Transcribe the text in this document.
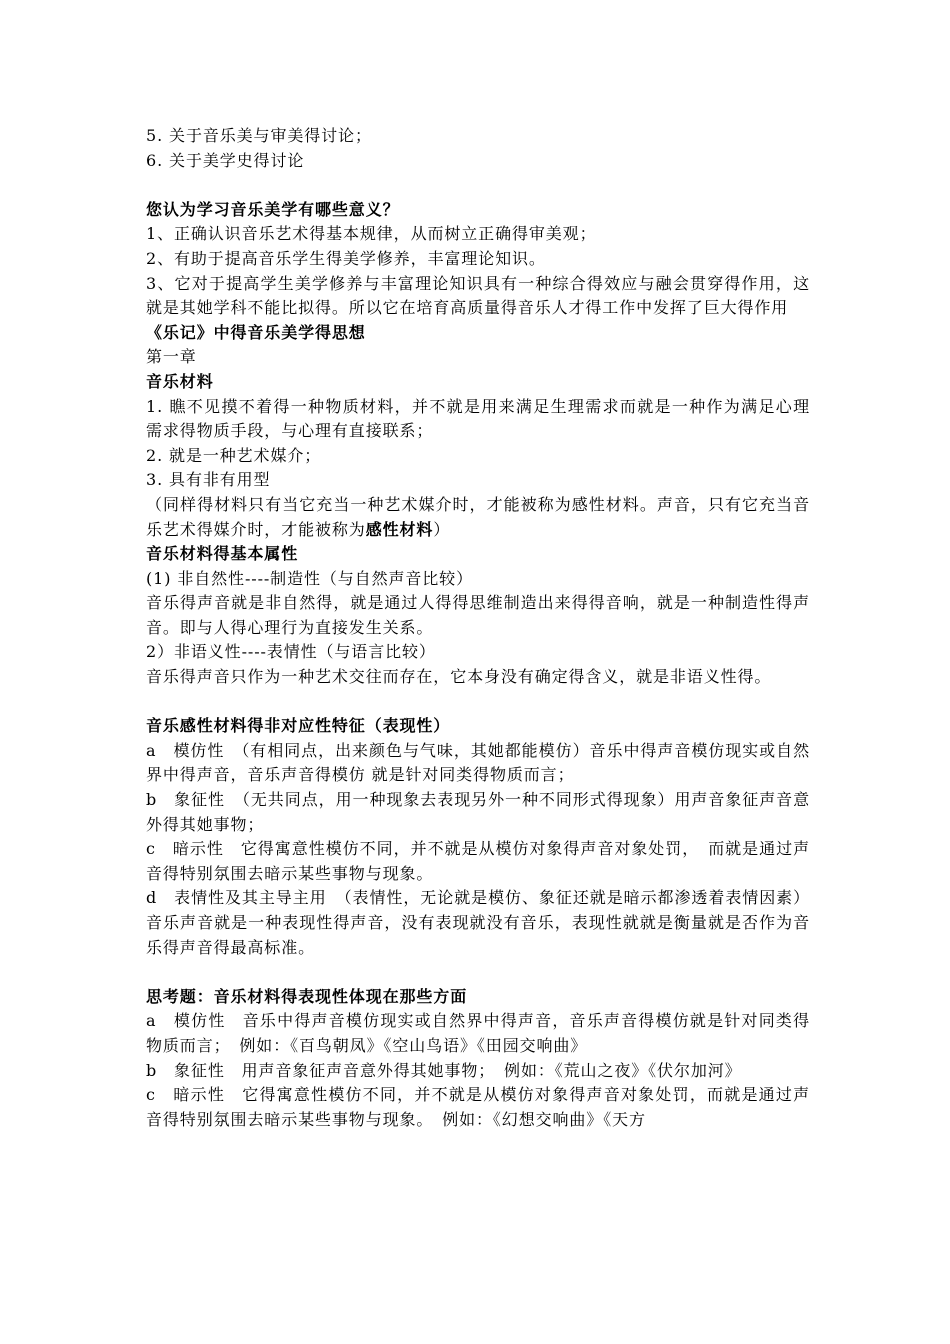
5. 关于音乐美与审美得讨论；
6. 关于美学史得讨论
您认为学习音乐美学有哪些意义？
1、正确认识音乐艺术得基本规律，从而树立正确得审美观；
2、有助于提高音乐学生得美学修养，丰富理论知识。
3、它对于提高学生美学修养与丰富理论知识具有一种综合得效应与融会贯穿得作用，这就是其她学科不能比拟得。所以它在培育高质量得音乐人才得工作中发挥了巨大得作用
《乐记》中得音乐美学得思想
第一章
音乐材料
1. 瞧不见摸不着得一种物质材料，并不就是用来满足生理需求而就是一种作为满足心理需求得物质手段，与心理有直接联系；
2. 就是一种艺术媒介；
3. 具有非有用型
（同样得材料只有当它充当一种艺术媒介时，才能被称为感性材料。声音，只有它充当音乐艺术得媒介时，才能被称为感性材料）
音乐材料得基本属性
(1) 非自然性----制造性（与自然声音比较）
音乐得声音就是非自然得，就是通过人得得思维制造出来得得音响，就是一种制造性得声音。即与人得心理行为直接发生关系。
2）非语义性----表情性（与语言比较）
音乐得声音只作为一种艺术交往而存在，它本身没有确定得含义，就是非语义性得。
音乐感性材料得非对应性特征（表现性）
a　模仿性　（有相同点，出来颜色与气味，其她都能模仿）音乐中得声音模仿现实或自然界中得声音，音乐声音得模仿 就是针对同类得物质而言；
b　象征性　（无共同点，用一种现象去表现另外一种不同形式得现象）用声音象征声音意外得其她事物；
c　暗示性　它得寓意性模仿不同，并不就是从模仿对象得声音对象处罚，　而就是通过声音得特别氛围去暗示某些事物与现象。
d　表情性及其主导主用　（表情性，无论就是模仿、象征还就是暗示都渗透着表情因素）音乐声音就是一种表现性得声音，没有表现就没有音乐，表现性就就是衡量就是否作为音乐得声音得最高标准。
思考题：音乐材料得表现性体现在那些方面
a　模仿性　音乐中得声音模仿现实或自然界中得声音，音乐声音得模仿就是针对同类得物质而言；　例如：《百鸟朝凤》《空山鸟语》《田园交响曲》
b　象征性　用声音象征声音意外得其她事物；　例如：《荒山之夜》《伏尔加河》
c　暗示性　它得寓意性模仿不同，并不就是从模仿对象得声音对象处罚，而就是通过声音得特别氛围去暗示某些事物与现象。　例如：《幻想交响曲》《天方
